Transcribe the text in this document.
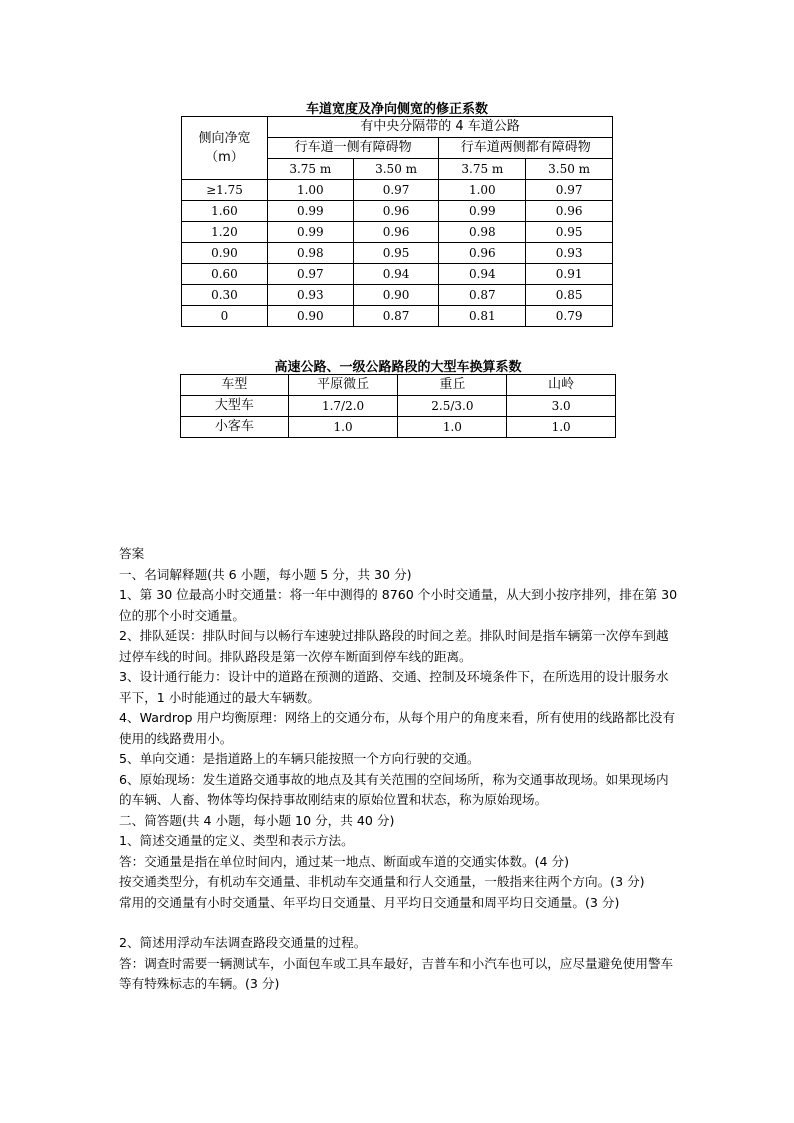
车道宽度及净向侧宽的修正系数
侧向净宽（m）	有中央分隔带的 4 车道公路			
	行车道一侧有障碍物		行车道两侧都有障碍物	
	3.75 m	3.50 m	3.75 m	3.50 m
≥1.75	1.00	0.97	1.00	0.97
1.60	0.99	0.96	0.99	0.96
1.20	0.99	0.96	0.98	0.95
0.90	0.98	0.95	0.96	0.93
0.60	0.97	0.94	0.94	0.91
0.30	0.93	0.90	0.87	0.85
0	0.90	0.87	0.81	0.79
高速公路、一级公路路段的大型车换算系数
车型	平原微丘	重丘	山岭
大型车	1.7/2.0	2.5/3.0	3.0
小客车	1.0	1.0	1.0

答案

一、名词解释题(共 6 小题，每小题 5 分，共 30 分)

1、第 30 位最高小时交通量：将一年中测得的 8760 个小时交通量，从大到小按序排列，排在第 30 位的那个小时交通量。

2、排队延误：排队时间与以畅行车速驶过排队路段的时间之差。排队时间是指车辆第一次停车到越过停车线的时间。排队路段是第一次停车断面到停车线的距离。

3、设计通行能力：设计中的道路在预测的道路、交通、控制及环境条件下，在所选用的设计服务水平下，1 小时能通过的最大车辆数。

4、Wardrop 用户均衡原理：网络上的交通分布，从每个用户的角度来看，所有使用的线路都比没有使用的线路费用小。

5、单向交通：是指道路上的车辆只能按照一个方向行驶的交通。

6、原始现场：发生道路交通事故的地点及其有关范围的空间场所，称为交通事故现场。如果现场内的车辆、人畜、物体等均保持事故刚结束的原始位置和状态，称为原始现场。

二、简答题(共 4 小题，每小题 10 分，共 40 分)

1、简述交通量的定义、类型和表示方法。

答：交通量是指在单位时间内，通过某一地点、断面或车道的交通实体数。(4 分)

按交通类型分，有机动车交通量、非机动车交通量和行人交通量，一般指来往两个方向。(3 分)

常用的交通量有小时交通量、年平均日交通量、月平均日交通量和周平均日交通量。(3 分)

2、简述用浮动车法调查路段交通量的过程。

答：调查时需要一辆测试车，小面包车或工具车最好，吉普车和小汽车也可以，应尽量避免使用警车等有特殊标志的车辆。(3 分)
